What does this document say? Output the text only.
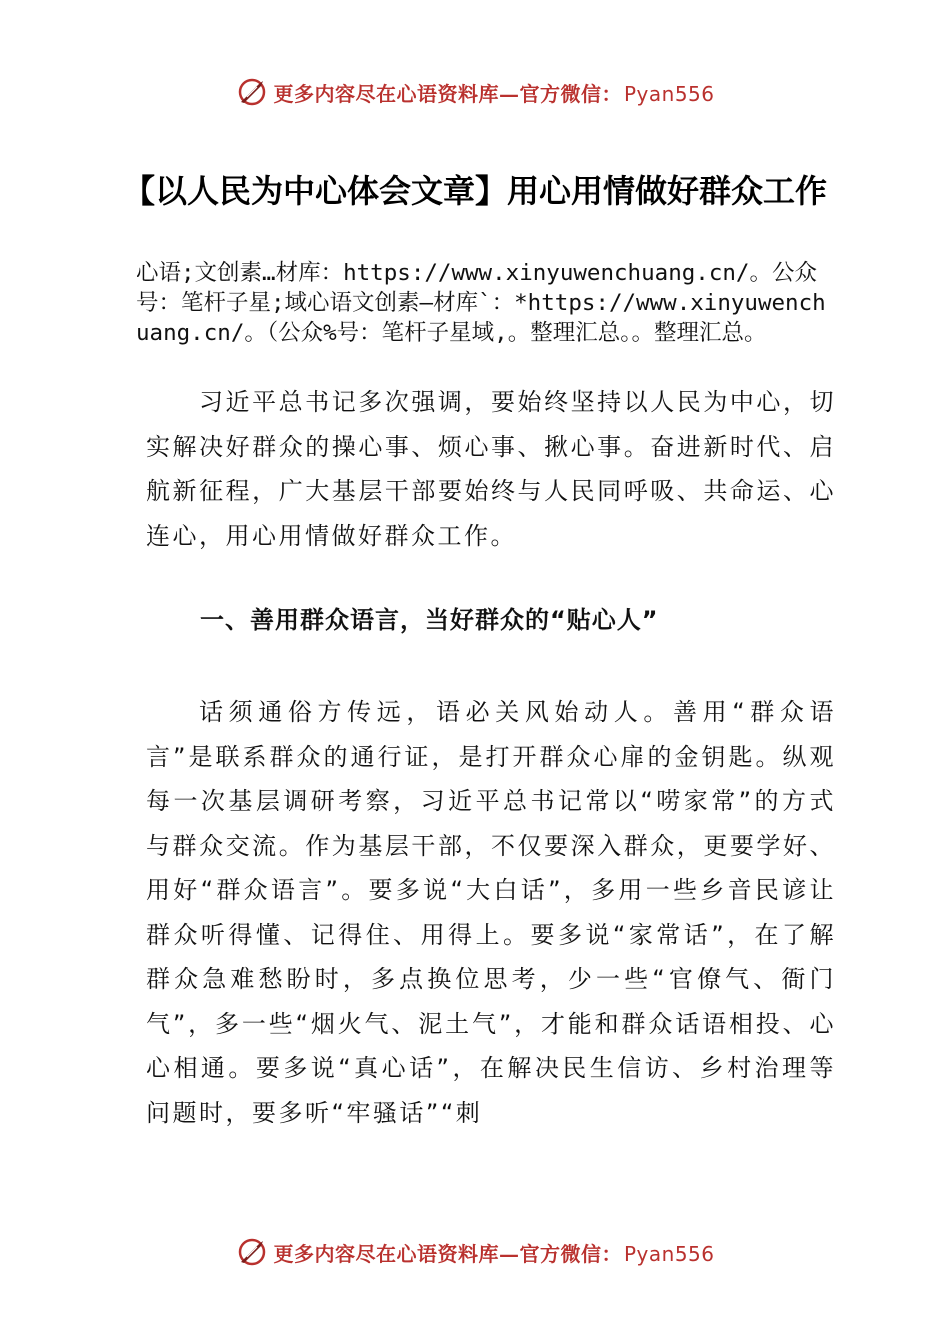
更多内容尽在心语资料库—官方微信： Pyan556
【以人民为中心体会文章】用心用情做好群众工作

心语;文创素…材库：https://www.xinyuwenchuang.cn/。公众号：笔杆子星;域心语文创素—材库`：*https://www.xinyuwenchuang.cn/。（公众%号：笔杆子星域,。整理汇总。。整理汇总。

习近平总书记多次强调，要始终坚持以人民为中心，切实解决好群众的操心事、烦心事、揪心事。奋进新时代、启航新征程，广大基层干部要始终与人民同呼吸、共命运、心连心，用心用情做好群众工作。

一、善用群众语言，当好群众的“贴心人”

话须通俗方传远，语必关风始动人。善用“群众语言”是联系群众的通行证，是打开群众心扉的金钥匙。纵观每一次基层调研考察，习近平总书记常以“唠家常”的方式与群众交流。作为基层干部，不仅要深入群众，更要学好、用好“群众语言”。要多说“大白话”，多用一些乡音民谚让群众听得懂、记得住、用得上。要多说“家常话”，在了解群众急难愁盼时，多点换位思考，少一些“官僚气、衙门气”，多一些“烟火气、泥土气”，才能和群众话语相投、心心相通。要多说“真心话”，在解决民生信访、乡村治理等问题时，要多听“牢骚话”“刺

更多内容尽在心语资料库—官方微信： Pyan556
